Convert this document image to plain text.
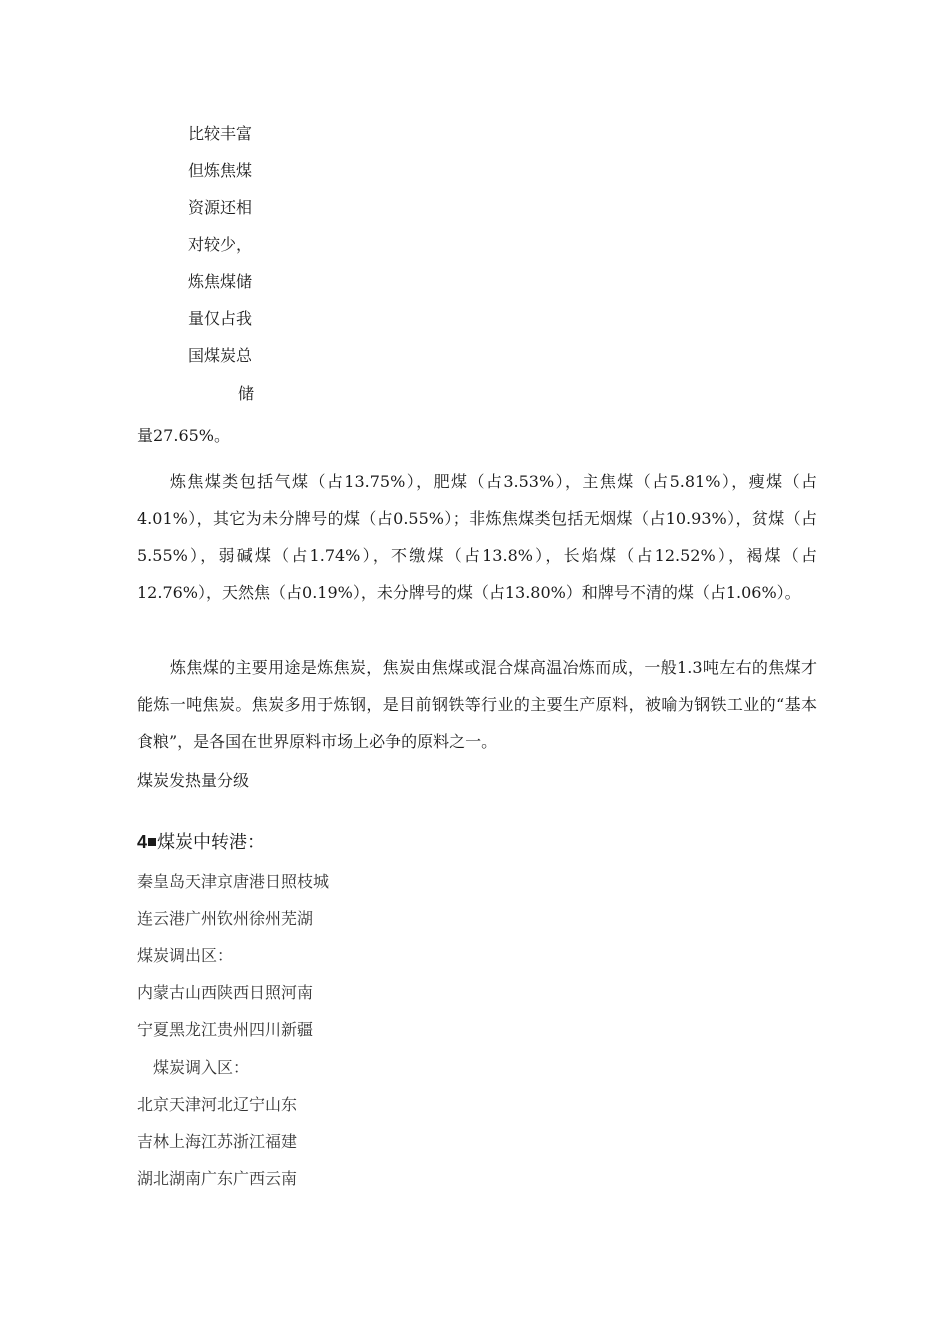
比较丰富
但炼焦煤
资源还相
对较少，
炼焦煤储
量仅占我
国煤炭总
储
量27.65%。

炼焦煤类包括气煤（占13.75%），肥煤（占3.53%），主焦煤（占5.81%），瘦煤（占4.01%），其它为未分牌号的煤（占0.55%）；非炼焦煤类包括无烟煤（占10.93%），贫煤（占5.55%），弱碱煤（占1.74%），不缴煤（占13.8%），长焰煤（占12.52%），褐煤（占12.76%），天然焦（占0.19%），未分牌号的煤（占13.80%）和牌号不清的煤（占1.06%）。

炼焦煤的主要用途是炼焦炭，焦炭由焦煤或混合煤高温冶炼而成，一般1.3吨左右的焦煤才能炼一吨焦炭。焦炭多用于炼钢，是目前钢铁等行业的主要生产原料，被喻为钢铁工业的“基本食粮”，是各国在世界原料市场上必争的原料之一。

煤炭发热量分级
4 煤炭中转港：
秦皇岛天津京唐港日照枝城
连云港广州钦州徐州芜湖
煤炭调出区：
内蒙古山西陕西日照河南
宁夏黑龙江贵州四川新疆
煤炭调入区：
北京天津河北辽宁山东
吉林上海江苏浙江福建
湖北湖南广东广西云南
